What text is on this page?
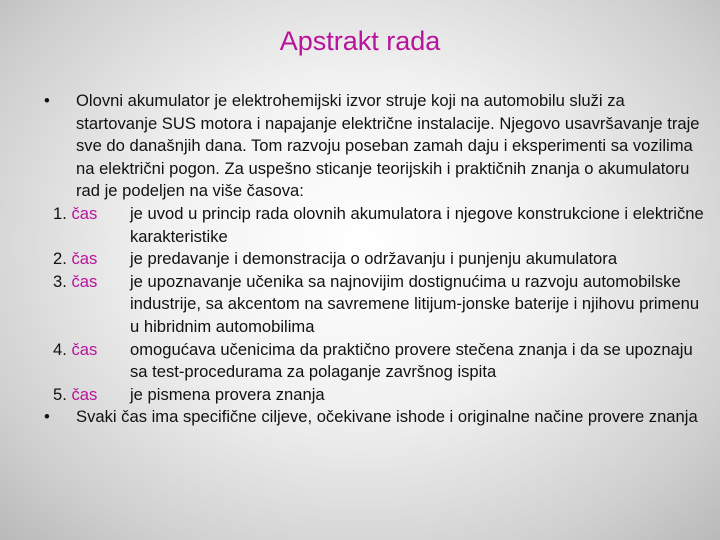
Apstrakt rada
•	Olovni akumulator je elektrohemijski izvor struje koji na automobilu služi za startovanje SUS motora i napajanje električne instalacije. Njegovo usavršavanje traje sve do današnjih dana. Tom razvoju poseban zamah daju i eksperimenti sa vozilima na električni pogon. Za uspešno sticanje teorijskih i praktičnih znanja o akumulatoru rad je podeljen na više časova:
1. čas	je uvod u princip rada olovnih akumulatora i njegove konstrukcione i električne karakteristike
2. čas	je predavanje i demonstracija o održavanju i punjenju akumulatora
3. čas	je upoznavanje učenika sa najnovijim dostignućima u razvoju automobilske industrije, sa akcentom na savremene litijum-jonske baterije i njihovu primenu u hibridnim automobilima
4. čas	omogućava učenicima da praktično provere stečena znanja i da se upoznaju sa test-procedurama za polaganje završnog ispita
5. čas	je pismena provera znanja
•	Svaki čas ima specifične ciljeve, očekivane ishode i originalne načine provere znanja
